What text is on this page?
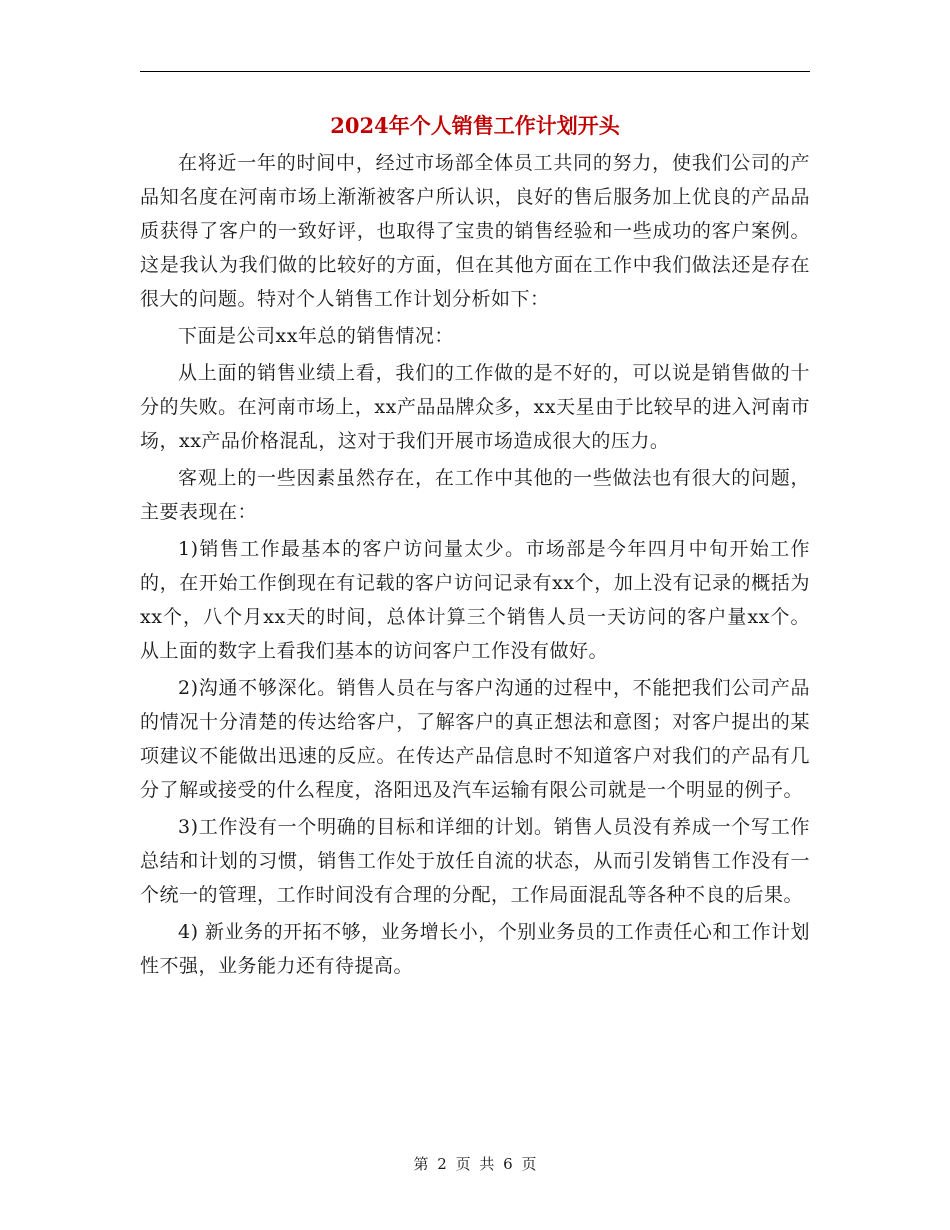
2024年个人销售工作计划开头

在将近一年的时间中，经过市场部全体员工共同的努力，使我们公司的产品知名度在河南市场上渐渐被客户所认识，良好的售后服务加上优良的产品品质获得了客户的一致好评，也取得了宝贵的销售经验和一些成功的客户案例。这是我认为我们做的比较好的方面，但在其他方面在工作中我们做法还是存在很大的问题。特对个人销售工作计划分析如下：

下面是公司xx年总的销售情况：

从上面的销售业绩上看，我们的工作做的是不好的，可以说是销售做的十分的失败。在河南市场上，xx产品品牌众多，xx天星由于比较早的进入河南市场，xx产品价格混乱，这对于我们开展市场造成很大的压力。

客观上的一些因素虽然存在，在工作中其他的一些做法也有很大的问题，主要表现在：

1)销售工作最基本的客户访问量太少。市场部是今年四月中旬开始工作的，在开始工作倒现在有记载的客户访问记录有xx个，加上没有记录的概括为xx个，八个月xx天的时间，总体计算三个销售人员一天访问的客户量xx个。从上面的数字上看我们基本的访问客户工作没有做好。

2)沟通不够深化。销售人员在与客户沟通的过程中，不能把我们公司产品的情况十分清楚的传达给客户，了解客户的真正想法和意图；对客户提出的某项建议不能做出迅速的反应。在传达产品信息时不知道客户对我们的产品有几分了解或接受的什么程度，洛阳迅及汽车运输有限公司就是一个明显的例子。

3)工作没有一个明确的目标和详细的计划。销售人员没有养成一个写工作总结和计划的习惯，销售工作处于放任自流的状态，从而引发销售工作没有一个统一的管理，工作时间没有合理的分配，工作局面混乱等各种不良的后果。

4) 新业务的开拓不够，业务增长小，个别业务员的工作责任心和工作计划性不强，业务能力还有待提高。

第 2 页 共 6 页
